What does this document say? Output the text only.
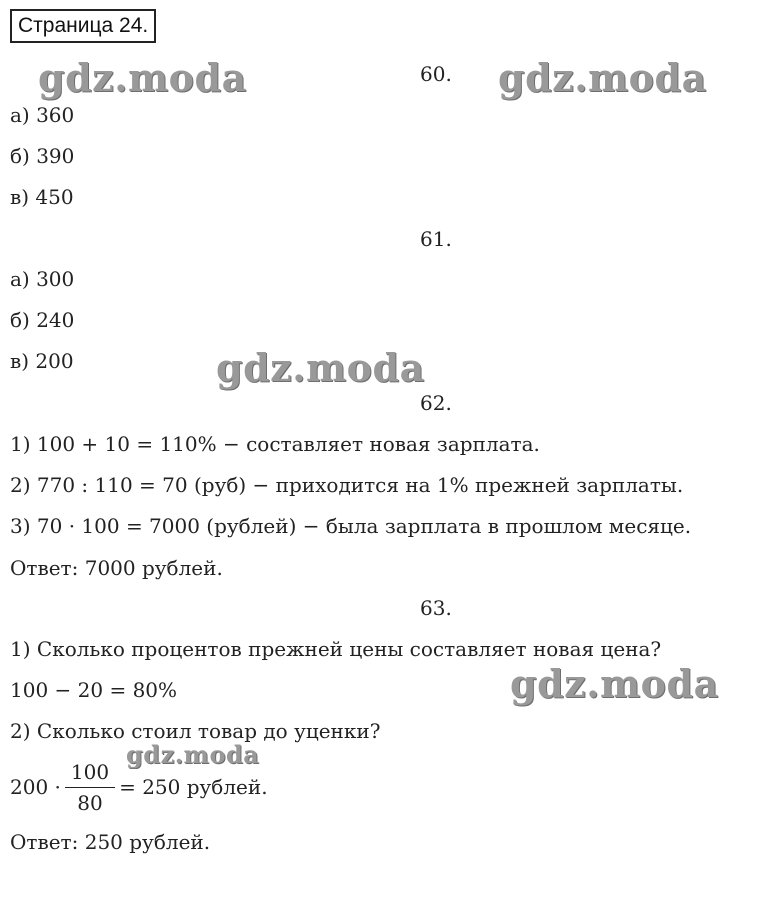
Страница 24.
gdz.moda	gdz.moda
gdz.moda
gdz.moda
gdz.moda
60.
а) 360
б) 390
в) 450
61.
а) 300
б) 240
в) 200
62.
1) 100 + 10 = 110% − составляет новая зарплата.
2) 770 : 110 = 70 (руб) − приходится на 1% прежней зарплаты.
3) 70 · 100 = 7000 (рублей) − была зарплата в прошлом месяце.
Ответ: 7000 рублей.
63.
1) Сколько процентов прежней цены составляет новая цена?
100 − 20 = 80%
2) Сколько стоил товар до уценки?
$200 \cdot \frac{100}{80} = 250$ рублей.
Ответ: 250 рублей.
